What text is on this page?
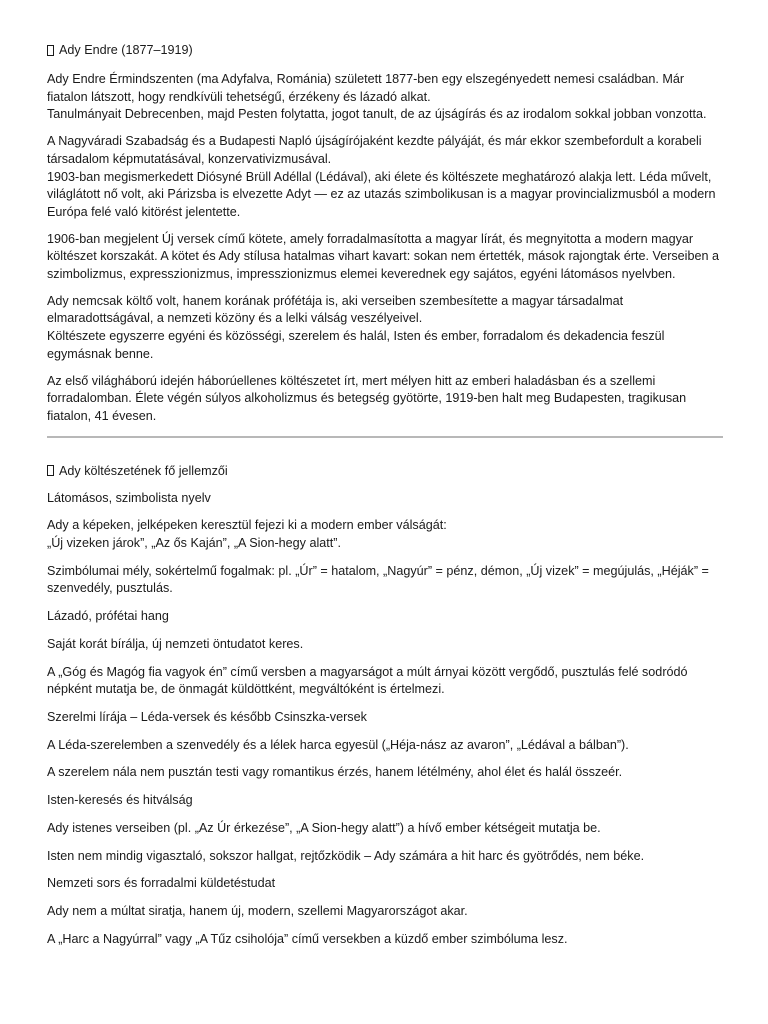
Ady Endre (1877–1919)

Ady Endre Érmindszenten (ma Adyfalva, Románia) született 1877-ben egy elszegényedett nemesi családban. Már fiatalon látszott, hogy rendkívüli tehetségű, érzékeny és lázadó alkat.
Tanulmányait Debrecenben, majd Pesten folytatta, jogot tanult, de az újságírás és az irodalom sokkal jobban vonzotta.

A Nagyváradi Szabadság és a Budapesti Napló újságírójaként kezdte pályáját, és már ekkor szembefordult a korabeli társadalom képmutatásával, konzervativizmusával.
1903-ban megismerkedett Diósyné Brüll Adéllal (Lédával), aki élete és költészete meghatározó alakja lett. Léda művelt, világlátott nő volt, aki Párizsba is elvezette Adyt — ez az utazás szimbolikusan is a magyar provincializmusból a modern Európa felé való kitörést jelentette.

1906-ban megjelent Új versek című kötete, amely forradalmasította a magyar lírát, és megnyitotta a modern magyar költészet korszakát. A kötet és Ady stílusa hatalmas vihart kavart: sokan nem értették, mások rajongtak érte. Verseiben a szimbolizmus, expresszionizmus, impresszionizmus elemei keverednek egy sajátos, egyéni látomásos nyelvben.

Ady nemcsak költő volt, hanem korának prófétája is, aki verseiben szembesítette a magyar társadalmat elmaradottságával, a nemzeti közöny és a lelki válság veszélyeivel.
Költészete egyszerre egyéni és közösségi, szerelem és halál, Isten és ember, forradalom és dekadencia feszül egymásnak benne.

Az első világháború idején háborúellenes költészetet írt, mert mélyen hitt az emberi haladásban és a szellemi forradalomban. Élete végén súlyos alkoholizmus és betegség gyötörte, 1919-ben halt meg Budapesten, tragikusan fiatalon, 41 évesen.

Ady költészetének fő jellemzői

Látomásos, szimbolista nyelv

Ady a képeken, jelképeken keresztül fejezi ki a modern ember válságát:
„Új vizeken járok”, „Az ős Kaján”, „A Sion-hegy alatt”.

Szimbólumai mély, sokértelmű fogalmak: pl. „Úr” = hatalom, „Nagyúr” = pénz, démon, „Új vizek” = megújulás, „Héják” = szenvedély, pusztulás.

Lázadó, prófétai hang

Saját korát bírálja, új nemzeti öntudatot keres.

A „Góg és Magóg fia vagyok én” című versben a magyarságot a múlt árnyai között vergődő, pusztulás felé sodródó népként mutatja be, de önmagát küldöttként, megváltóként is értelmezi.

Szerelmi lírája – Léda-versek és később Csinszka-versek

A Léda-szerelemben a szenvedély és a lélek harca egyesül („Héja-nász az avaron”, „Lédával a bálban”).

A szerelem nála nem pusztán testi vagy romantikus érzés, hanem létélmény, ahol élet és halál összeér.

Isten-keresés és hitválság

Ady istenes verseiben (pl. „Az Úr érkezése”, „A Sion-hegy alatt”) a hívő ember kétségeit mutatja be.

Isten nem mindig vigasztaló, sokszor hallgat, rejtőzködik – Ady számára a hit harc és gyötrődés, nem béke.

Nemzeti sors és forradalmi küldetéstudat

Ady nem a múltat siratja, hanem új, modern, szellemi Magyarországot akar.

A „Harc a Nagyúrral” vagy „A Tűz csiholója” című versekben a küzdő ember szimbóluma lesz.
